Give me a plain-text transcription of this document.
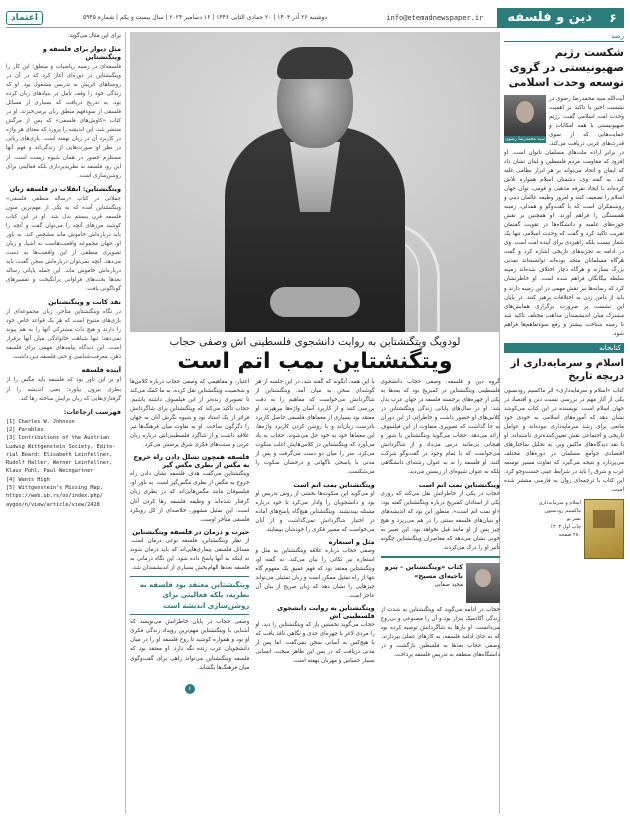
۶
دین و فلسفه
info@etemadnewspaper.ir
دوشنبه ۲۶ آذر ۱۴۰۳ | ۲۰ جمادی الثانی ۱۴۴۶ | ۱۶ دسامبر ۲۰۲۴ | سال بیست و یکم | شماره ۵۹۴۵
اعتماد
رصد
شکست رژیم صهیونیستی در گروی توسعه وحدت اسلامی
سید محمدرضا رضوی

آیت‌الله سید محمدرضا رضوی در نشست اخیر با تاکید بر اهمیت وحدت امت اسلامی گفت: رژیم صهیونیستی با همه امکانات و حمایت‌هایی که از سوی قدرت‌های غربی دریافت می‌کند، در برابر اراده ملت‌های مسلمان ناتوان است. او افزود که مقاومت مردم فلسطین و لبنان نشان داد که ایمان و اتحاد می‌تواند بر هر ابزار نظامی غلبه کند. به گفته وی، دشمنان اسلام همواره تلاش کرده‌اند با ایجاد تفرقه مذهبی و قومی، توان جهان اسلام را تضعیف کنند و امروز وظیفه عالمان دینی و روشنفکران است که با گفت‌وگو و همدلی، زمینه همبستگی را فراهم آورند. او همچنین بر نقش حوزه‌های علمیه و دانشگاه‌ها در تقویت گفتمان تقریب تاکید کرد و گفت که وحدت اسلامی تنها یک شعار نیست بلکه راهبردی برای آینده امت است. وی در ادامه به تجربه‌های تاریخی اشاره کرد و گفت هرگاه مسلمانان متحد بوده‌اند توانسته‌اند تمدنی بزرگ بسازند و هرگاه دچار اختلاف شده‌اند زمینه سلطه بیگانگان فراهم شده است. او خاطرنشان کرد که رسانه‌ها نیز نقش مهمی در این زمینه دارند و باید از دامن زدن به اختلافات پرهیز کنند. در پایان این نشست بر ضرورت برگزاری همایش‌های مشترک میان اندیشمندان مذاهب مختلف تاکید شد تا زمینه شناخت بیشتر و رفع سوءتفاهم‌ها فراهم شود.

کتابخانه
اسلام و سرمایه‌داری از دریچه تاریخ

کتاب «اسلام و سرمایه‌داری» اثر ماکسیم رودنسون یکی از آثار مهم در بررسی نسبت دین و اقتصاد در جهان اسلام است. نویسنده در این کتاب می‌کوشد نشان دهد که آموزه‌های اسلامی به خودی خود مانعی برای رشد سرمایه‌داری نبوده‌اند و عوامل تاریخی و اجتماعی نقش تعیین‌کننده‌تری داشته‌اند. او با نقد دیدگاه‌های ماکس وبر، به تحلیل ساختارهای اقتصادی جوامع مسلمان در دوره‌های مختلف می‌پردازد و نتیجه می‌گیرد که تفاوت مسیر توسعه غرب و شرق را باید در شرایط عینی جست‌وجو کرد. این کتاب با ترجمه‌ای روان به فارسی منتشر شده است.

اسلام و سرمایه‌داری
ماکسیم رودنسون
نشر نو
چاپ اول ۱۴۰۳
۲۸۰ صفحه

برای این مثال می‌گوید:

مثل دیوار برای فلسفه و ویتگنشتاین

فلسفه‌ای در زمینه ریاضیات و منطق؛ این کار را ویتگنشتاین در دوره‌ای آغاز کرد که در آن در روستاهای اتریش به تدریس مشغول بود. او که زندگی خود را وقف تأمل در بنیادهای زبان کرده بود، به تدریج دریافت که بسیاری از مسائل فلسفی از سوءفهم منطق زبان برمی‌خیزند. او در کتاب «کاوش‌های فلسفی» که پس از مرگش منتشر شد، این اندیشه را پرورد که معنای هر واژه در کاربرد آن در زبان نهفته است. بازی‌های زبانی در نظر او صورت‌هایی از زندگی‌اند و فهم آنها مستلزم حضور در همان شیوه زیست است. از این رو، فلسفه نه نظریه‌پردازی بلکه فعالیتی برای روشن‌سازی است.

ویتگنشتاین: انقلاب در فلسفه زبان

جملاتی در کتاب «رساله منطقی فلسفی» ویتگنشتاین آمده که به یکی از مهم‌ترین متون فلسفه قرن بیستم بدل شد. او در این کتاب کوشید مرزهای آنچه را می‌توان گفت و آنچه را باید درباره‌اش خاموش ماند مشخص کند. به باور او، جهان مجموعه واقعیت‌هاست نه اشیا، و زبان تصویری منطقی از این واقعیت‌ها به دست می‌دهد. آنچه نمی‌توان درباره‌اش سخن گفت، باید درباره‌اش خاموش ماند. این جمله پایانی رساله بعدها بحث‌های فراوانی برانگیخت و تفسیرهای گوناگونی یافت.

نقد کانت و ویتگنشتاین

در نگاه ویتگنشتاین متأخر، زبان مجموعه‌ای از بازی‌های متنوع است که هر یک قواعد خاص خود را دارند و هیچ ذات مشترکی آنها را به هم پیوند نمی‌دهد؛ تنها شباهت خانوادگی میان آنها برقرار است. این دیدگاه پیامدهای مهمی برای فلسفه ذهن، معرفت‌شناسی و حتی فلسفه دین داشت.

آینده فلسفه

او بر این باور بود که فلسفه باید مگس را از بطری بیرون بیاورد؛ یعنی اندیشه را از گرفتاری‌هایی که زبان برایش ساخته رها کند.

فهرست ارجاعات:
[1] Charles W. Johnson
[2] Parables
[3] Contributions of the Austrian
Ludwig Wittgenstein Society, Edito-
rial Board: Elisabeth Leinfellner,
Rudolf Haller, Werner Leinfellner,
Klaus Puhl, Paul Weingartner
[4] Wants High
[5] Wittgenstein's Missing Map,
https://web.ub.rs/oo/index.php/
aygoo/n/view/article/view/2428
لودویگ ویتگنشتاین به روایت دانشجوی فلسطینی اش وصفی حجاب
ویتگنشتاین بمب اتم است

گروه دین و فلسفه: وصفی حجاب دانشجوی فلسطینی ویتگنشتاین در کمبریج بود که بعدها به یکی از چهره‌های برجسته فلسفه در جهان عرب بدل شد. او در سال‌های پایانی زندگی ویتگنشتاین در کلاس‌های او حضور داشت و خاطراتی از این دوران به جا گذاشت که تصویری متفاوت از این فیلسوف ارائه می‌دهد. حجاب می‌گوید ویتگنشتاین با شور و هیجانی بی‌مانند درس می‌داد و از شاگردانش می‌خواست که با تمام وجود در گفت‌وگو شرکت کنند. او فلسفه را نه به عنوان رشته‌ای دانشگاهی بلکه به عنوان شیوه‌ای از زیستن می‌دید.

ویتگنشتاین بمب اتم است

حجاب در یکی از خاطراتش نقل می‌کند که روزی یکی از استادان کمبریج درباره ویتگنشتاین گفته بود: «او بمب اتم است». منظور این بود که اندیشه‌های او بنیان‌های فلسفه سنتی را در هم می‌ریزد و هیچ چیز پس از او مانند قبل نخواهد بود. این تعبیر به خوبی نشان می‌دهد که معاصران ویتگنشتاین چگونه تأثیر او را درک می‌کردند.

کتاب «ویتگنشتاین – پیرو ناجیه‌ای مسیح»
مجید صفایی

حجاب در ادامه می‌گوید که ویتگنشتاین به شدت از زندگی آکادمیک بیزار بود و آن را مصنوعی و بی‌روح می‌دانست. او بارها به شاگردانش توصیه کرده بود که به جای ادامه فلسفه، به کارهای عملی بپردازند. وصفی حجاب بعدها به فلسطین بازگشت و در دانشگاه‌های منطقه به تدریس فلسفه پرداخت.

با این همه، آنگونه که گفته شد، در این جلسه از هر گوشه‌ای سخن به میان آمد. ویتگنشتاین از شاگردانش می‌خواست که مفاهیم را به دقت بررسی کنند و از کاربرد آسان واژه‌ها بپرهیزند. او معتقد بود بسیاری از معماهای فلسفی حاصل کاربرد نادرست زبان‌اند و با روشن کردن کاربرد واژه‌ها، این معماها خود به خود حل می‌شوند. حجاب به یاد می‌آورد که ویتگنشتاین در کلاس‌هایش اغلب سکوت می‌کرد، سر را میان دو دست می‌گرفت و پس از مدتی با پاسخی ناگهانی و درخشان سکوت را می‌شکست.

ویتگنشتاین بمب اتم است

او می‌گوید این سکوت‌ها بخشی از روش تدریس او بود و دانشجویان را وادار می‌کرد تا خود درباره مسئله بیندیشند. ویتگنشتاین هیچ‌گاه پاسخ‌های آماده در اختیار شاگردانش نمی‌گذاشت و از آنان می‌خواست که مسیر فکری را خودشان بپیمایند.

مثل و استعاره

وصفی حجاب درباره علاقه ویتگنشتاین به مثل و استعاره نیز نکاتی را بیان می‌کند. به گفته او، ویتگنشتاین معتقد بود که فهم عمیق یک مفهوم گاه تنها از راه تمثیل ممکن است و زبان تمثیلی می‌تواند چیزهایی را نشان دهد که زبان صریح از بیان آن عاجز است.

ویتگنشتاین به روایت دانشجوی فلسطینی اش

حجاب می‌گوید نخستین بار که ویتگنشتاین را دید، او را مردی لاغر با چهره‌ای جدی و نگاهی نافذ یافت که با هیچ‌کس به آسانی سخن نمی‌گفت. اما پس از مدتی دریافت که در پس این ظاهر سخت، انسانی بسیار حساس و مهربان نهفته است.

اعتبار، و مفاهیمی که وصفی حجاب درباره کلاس‌ها و شخصیت ویتگنشتاین نقل کرده، به ما کمک می‌کند تا تصویری زنده‌تر از این فیلسوف داشته باشیم. حجاب تأکید می‌کند که ویتگنشتاین برای شاگردانش فراتر از یک استاد بود و شیوه نگرش آنان به جهان را دگرگون ساخت. او به تفاوت میان فرهنگ‌ها نیز علاقه داشت و از شاگرد فلسطینی‌اش درباره زبان عربی و سنت‌های فکری شرق پرسش می‌کرد.

فلسفه همچون تشلل دادن راه خروج به مگس از بطری مگس گیر

ویتگنشتاین می‌گفت هدف فلسفه نشان دادن راه خروج به مگس از بطری مگس‌گیر است. به باور او، فیلسوفان مانند مگس‌هایی‌اند که در بطری زبان گرفتار شده‌اند و وظیفه فلسفه رها کردن آنان است. این تمثیل مشهور، خلاصه‌ای از کل رویکرد فلسفی متأخر اوست.

حیرت و درمان در فلسفه ویتگنشتاین

از نظر ویتگنشتاین، فلسفه نوعی درمان است. مسائل فلسفی بیماری‌هایی‌اند که باید درمان شوند نه اینکه به آنها پاسخ داده شود. این نگاه درمانی به فلسفه بعدها الهام‌بخش بسیاری از اندیشمندان شد.

ویتگنشتاین معتقد بود فلسفه نه نظریه، بلکه فعالیتی برای روشن‌سازی اندیشه است

وصفی حجاب در پایان خاطراتش می‌نویسد که آشنایی با ویتگنشتاین مهم‌ترین رویداد زندگی فکری او بود و همواره کوشید تا روح فلسفه او را در میان دانشجویان عرب زنده نگه دارد. او معتقد بود که فلسفه ویتگنشتاین می‌تواند راهی برای گفت‌وگوی میان فرهنگ‌ها بگشاید.

۶
